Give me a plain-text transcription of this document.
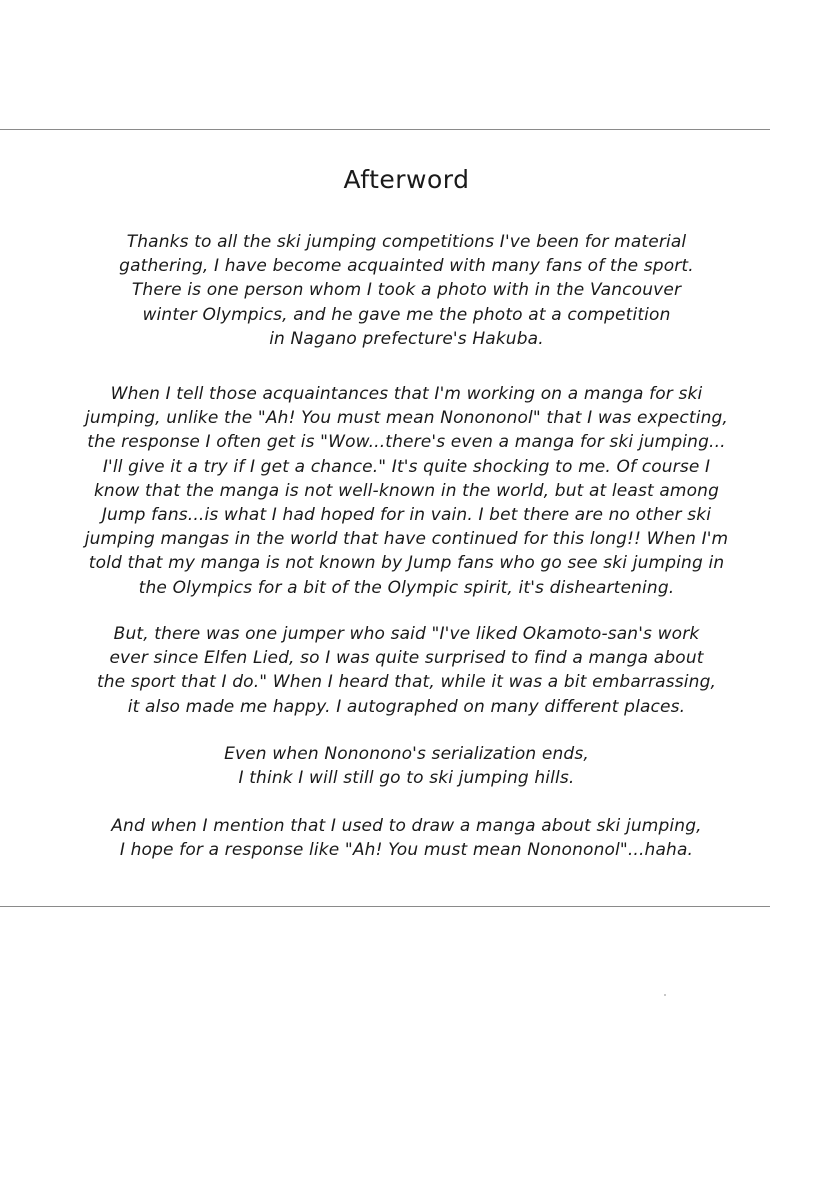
Afterword
Thanks to all the ski jumping competitions I've been for material
gathering, I have become acquainted with many fans of the sport.
There is one person whom I took a photo with in the Vancouver
winter Olympics, and he gave me the photo at a competition
in Nagano prefecture's Hakuba.
When I tell those acquaintances that I'm working on a manga for ski
jumping, unlike the "Ah! You must mean Nonononol" that I was expecting,
the response I often get is "Wow...there's even a manga for ski jumping...
I'll give it a try if I get a chance." It's quite shocking to me. Of course I
know that the manga is not well-known in the world, but at least among
Jump fans...is what I had hoped for in vain. I bet there are no other ski
jumping mangas in the world that have continued for this long!! When I'm
told that my manga is not known by Jump fans who go see ski jumping in
the Olympics for a bit of the Olympic spirit, it's disheartening.
But, there was one jumper who said "I've liked Okamoto-san's work
ever since Elfen Lied, so I was quite surprised to find a manga about
the sport that I do." When I heard that, while it was a bit embarrassing,
it also made me happy. I autographed on many different places.
Even when Nononono's serialization ends,
I think I will still go to ski jumping hills.
And when I mention that I used to draw a manga about ski jumping,
I hope for a response like "Ah! You must mean Nonononol"...haha.
